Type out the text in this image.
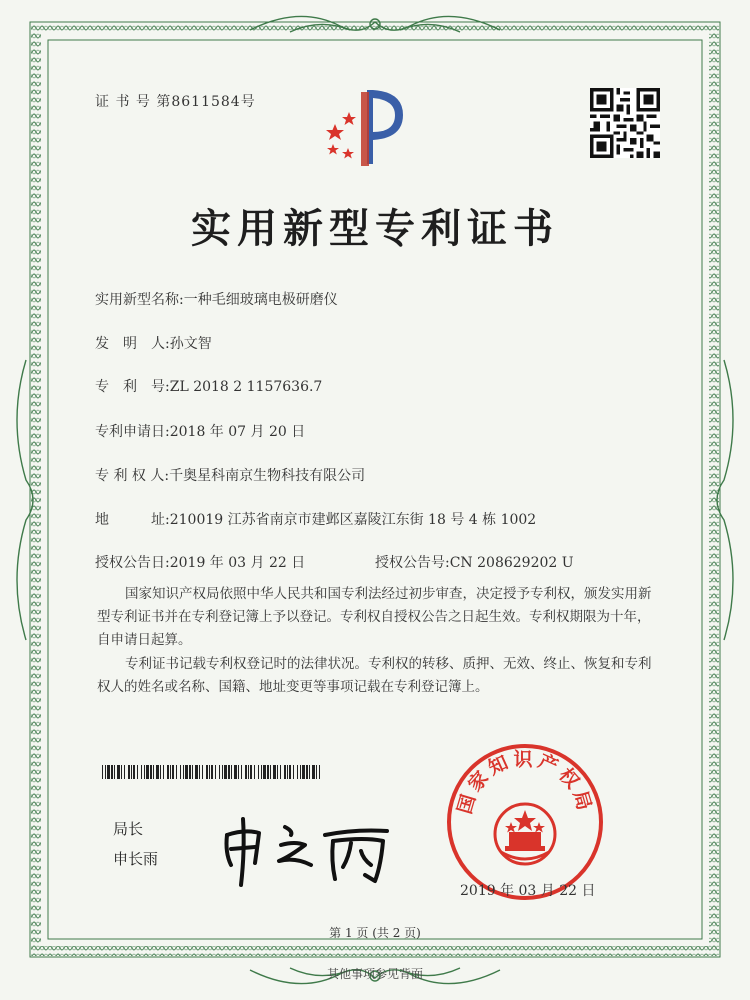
证 书 号 第8611584号
实用新型专利证书
实用新型名称:一种毛细玻璃电极研磨仪
发　明　人:孙文智
专　利　号:ZL 2018 2 1157636.7
专利申请日:2018 年 07 月 20 日
专 利 权 人:千奥星科南京生物科技有限公司
地　　　址:210019 江苏省南京市建邺区嘉陵江东街 18 号 4 栋 1002
授权公告日:2019 年 03 月 22 日	授权公告号:CN 208629202 U
国家知识产权局依照中华人民共和国专利法经过初步审查，决定授予专利权，颁发实用新型专利证书并在专利登记簿上予以登记。专利权自授权公告之日起生效。专利权期限为十年，自申请日起算。
专利证书记载专利权登记时的法律状况。专利权的转移、质押、无效、终止、恢复和专利权人的姓名或名称、国籍、地址变更等事项记载在专利登记簿上。
局长
申长雨
国家知识产权局
2019 年 03 月 22 日
第 1 页 (共 2 页)
其他事项参见背面
